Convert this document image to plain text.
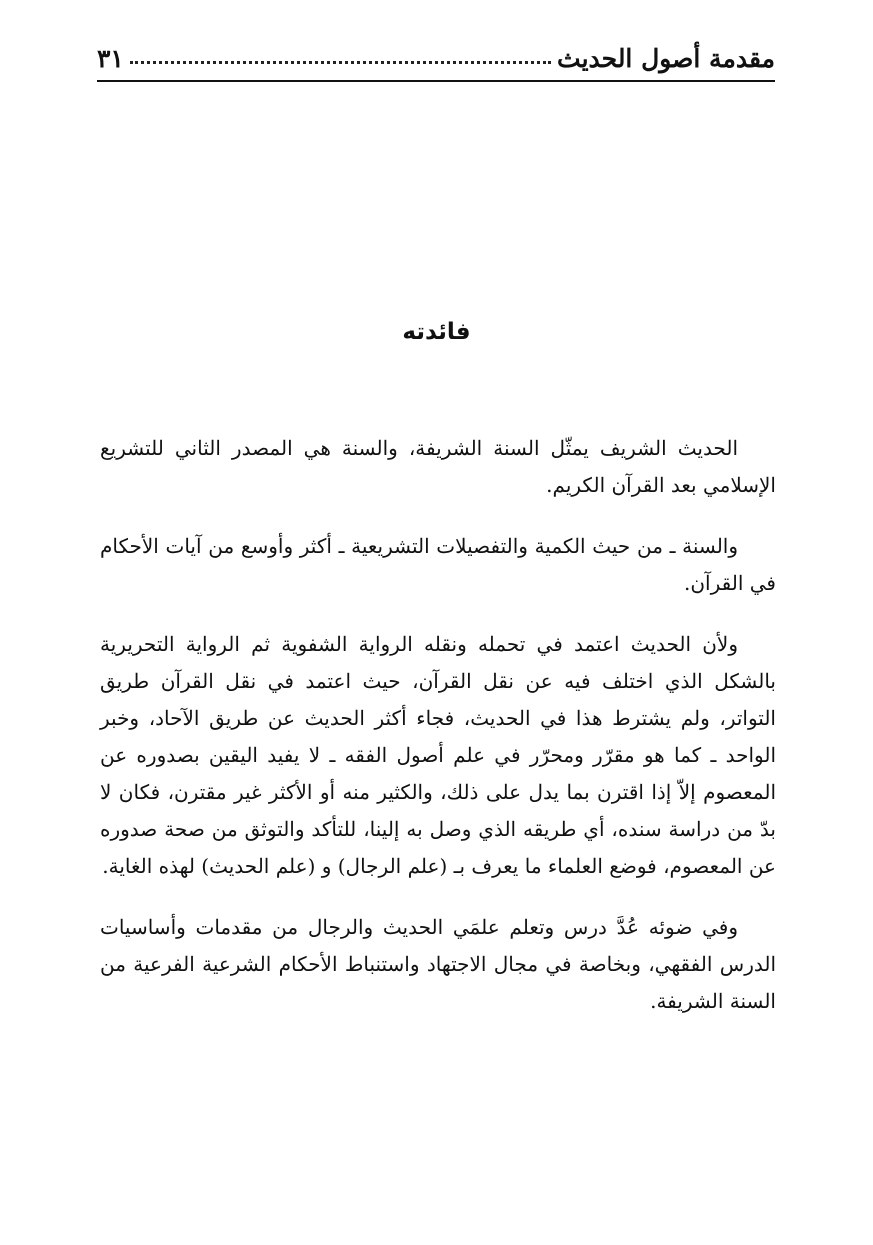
مقدمة أصول الحديث
٣١
فائدته

الحديث الشريف يمثّل السنة الشريفة، والسنة هي المصدر الثاني للتشريع الإسلامي بعد القرآن الكريم.

والسنة ـ من حيث الكمية والتفصيلات التشريعية ـ أكثر وأوسع من آيات الأحكام في القرآن.

ولأن الحديث اعتمد في تحمله ونقله الرواية الشفوية ثم الرواية التحريرية بالشكل الذي اختلف فيه عن نقل القرآن، حيث اعتمد في نقل القرآن طريق التواتر، ولم يشترط هذا في الحديث، فجاء أكثر الحديث عن طريق الآحاد، وخبر الواحد ـ كما هو مقرّر ومحرّر في علم أصول الفقه ـ لا يفيد اليقين بصدوره عن المعصوم إلاّ إذا اقترن بما يدل على ذلك، والكثير منه أو الأكثر غير مقترن، فكان لا بدّ من دراسة سنده، أي طريقه الذي وصل به إلينا، للتأكد والتوثق من صحة صدوره عن المعصوم، فوضع العلماء ما يعرف بـ (علم الرجال) و (علم الحديث) لهذه الغاية.

وفي ضوئه عُدَّ درس وتعلم علمَي الحديث والرجال من مقدمات وأساسيات الدرس الفقهي، وبخاصة في مجال الاجتهاد واستنباط الأحكام الشرعية الفرعية من السنة الشريفة.
